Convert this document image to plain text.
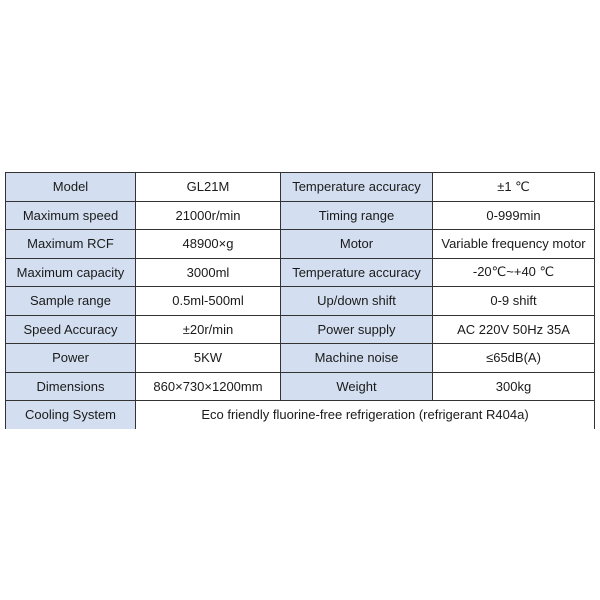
Model	GL21M	Temperature accuracy	±1 ℃
Maximum speed	21000r/min	Timing range	0-999min
Maximum RCF	48900×g	Motor	Variable frequency motor
Maximum capacity	3000ml	Temperature accuracy	-20℃~+40 ℃
Sample range	0.5ml-500ml	Up/down shift	0-9 shift
Speed Accuracy	±20r/min	Power supply	AC 220V 50Hz 35A
Power	5KW	Machine noise	≤65dB(A)
Dimensions	860×730×1200mm	Weight	300kg
Cooling System	Eco friendly fluorine-free refrigeration (refrigerant R404a)		
